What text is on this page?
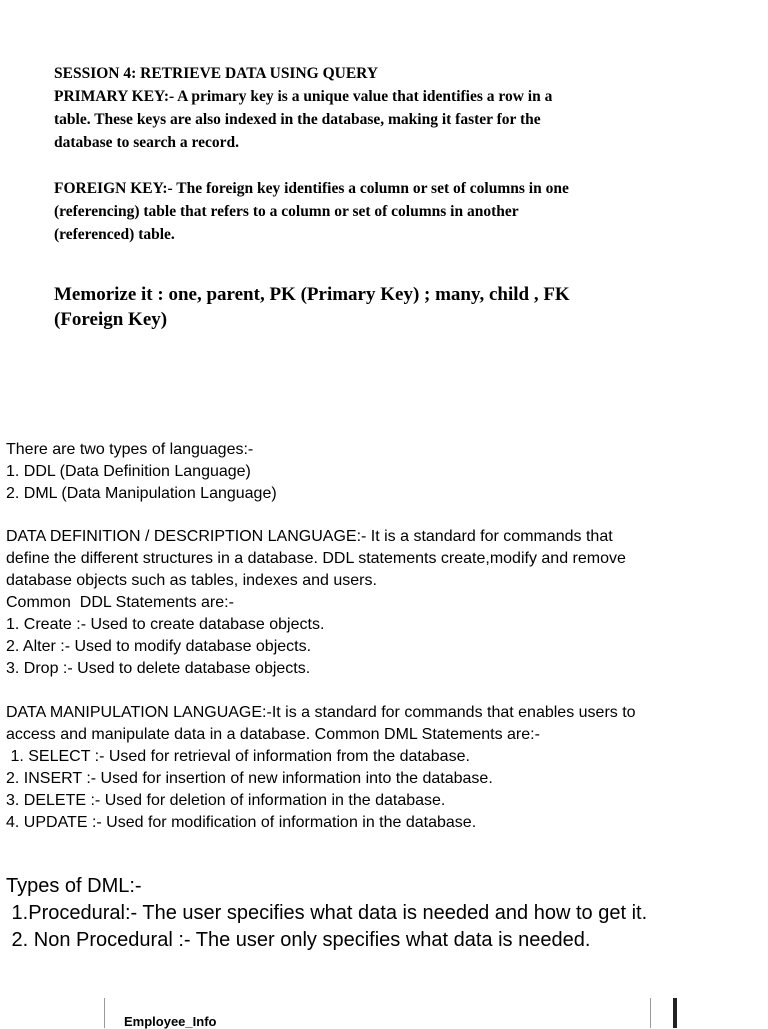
SESSION 4: RETRIEVE DATA USING QUERY
PRIMARY KEY:- A primary key is a unique value that identifies a row in a
table. These keys are also indexed in the database, making it faster for the
database to search a record.
FOREIGN KEY:- The foreign key identifies a column or set of columns in one
(referencing) table that refers to a column or set of columns in another
(referenced) table.
Memorize it : one, parent, PK (Primary Key) ; many, child , FK
(Foreign Key)
There are two types of languages:-
1. DDL (Data Definition Language)
2. DML (Data Manipulation Language)
DATA DEFINITION / DESCRIPTION LANGUAGE:- It is a standard for commands that
define the different structures in a database. DDL statements create,modify and remove
database objects such as tables, indexes and users.
Common  DDL Statements are:-
1. Create :- Used to create database objects.
2. Alter :- Used to modify database objects.
3. Drop :- Used to delete database objects.
DATA MANIPULATION LANGUAGE:-It is a standard for commands that enables users to
access and manipulate data in a database. Common DML Statements are:-
1. SELECT :- Used for retrieval of information from the database.
2. INSERT :- Used for insertion of new information into the database.
3. DELETE :- Used for deletion of information in the database.
4. UPDATE :- Used for modification of information in the database.
Types of DML:-
1.Procedural:- The user specifies what data is needed and how to get it.
2. Non Procedural :- The user only specifies what data is needed.
Employee_Info
